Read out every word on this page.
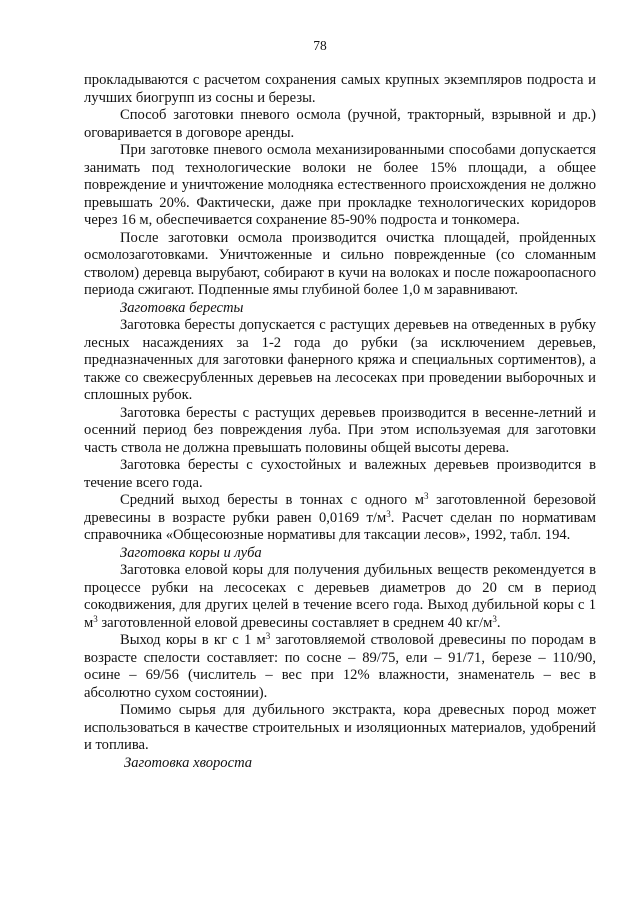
78

прокладываются с расчетом сохранения самых крупных экземпляров подроста и лучших биогрупп из сосны и березы.

Способ заготовки пневого осмола (ручной, тракторный, взрывной и др.) оговаривается в договоре аренды.

При заготовке пневого осмола механизированными способами допускается занимать под технологические волоки не более 15% площади, а общее повреждение и уничтожение молодняка естественного происхождения не должно превышать 20%. Фактически, даже при прокладке технологических коридоров через 16 м, обеспечивается сохранение 85-90% подроста и тонкомера.

После заготовки осмола производится очистка площадей, пройденных осмолозаготовками. Уничтоженные и сильно поврежденные (со сломанным стволом) деревца вырубают, собирают в кучи на волоках и после пожароопасного периода сжигают. Подпенные ямы глубиной более 1,0 м заравнивают.

Заготовка бересты

Заготовка бересты допускается с растущих деревьев на отведенных в рубку лесных насаждениях за 1-2 года до рубки (за исключением деревьев, предназначенных для заготовки фанерного кряжа и специальных сортиментов), а также со свежесрубленных деревьев на лесосеках при проведении выборочных и сплошных рубок.

Заготовка бересты с растущих деревьев производится в весенне-летний и осенний период без повреждения луба. При этом используемая для заготовки часть ствола не должна превышать половины общей высоты дерева.

Заготовка бересты с сухостойных и валежных деревьев производится в течение всего года.

Средний выход бересты в тоннах с одного $м^3$ заготовленной березовой древесины в возрасте рубки равен 0,0169 $т/м^3$. Расчет сделан по нормативам справочника «Общесоюзные нормативы для таксации лесов», 1992, табл. 194.

Заготовка коры и луба

Заготовка еловой коры для получения дубильных веществ рекомендуется в процессе рубки на лесосеках с деревьев диаметров до 20 см в период сокодвижения, для других целей в течение всего года. Выход дубильной коры с 1 $м^3$ заготовленной еловой древесины составляет в среднем 40 $кг/м^3$.

Выход коры в кг с 1 $м^3$ заготовляемой стволовой древесины по породам в возрасте спелости составляет: по сосне – 89/75, ели – 91/71, березе – 110/90, осине – 69/56 (числитель – вес при 12% влажности, знаменатель – вес в абсолютно сухом состоянии).

Помимо сырья для дубильного экстракта, кора древесных пород может использоваться в качестве строительных и изоляционных материалов, удобрений и топлива.

Заготовка хвороста
